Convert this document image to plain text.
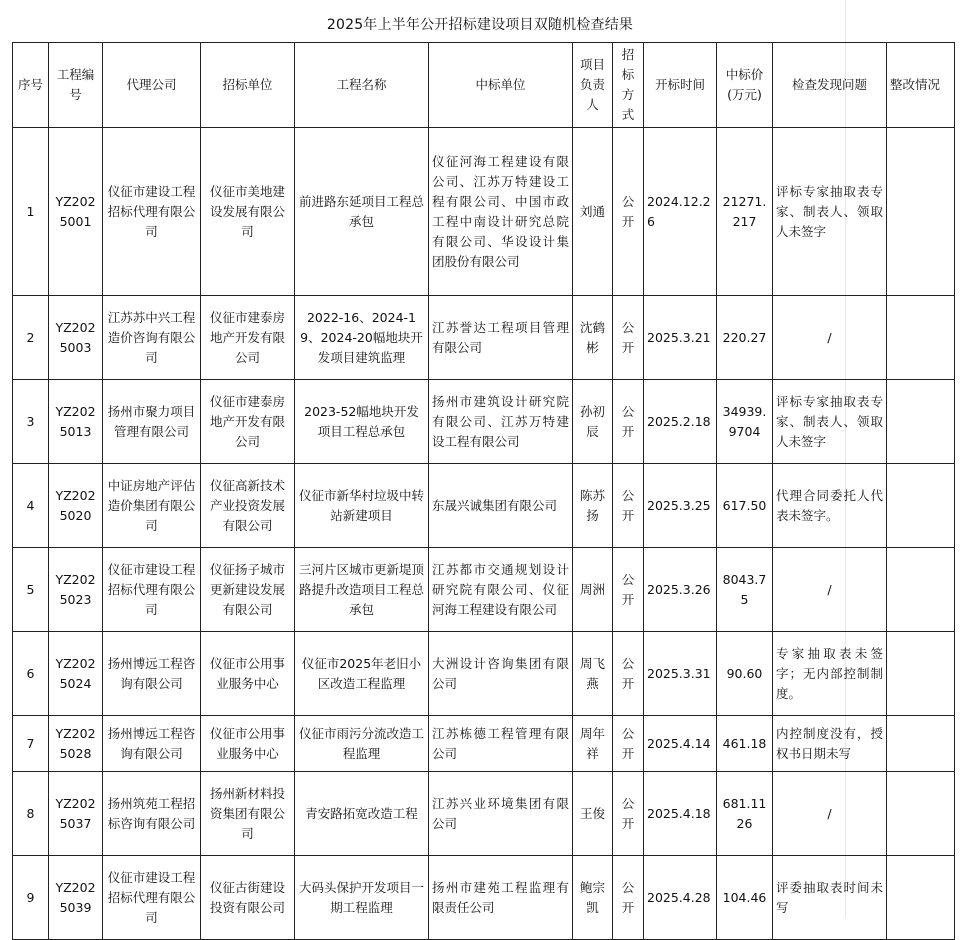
2025年上半年公开招标建设项目双随机检查结果
序号	工程编号	代理公司	招标单位	工程名称	中标单位	项目负责人	招标方式	开标时间	中标价(万元)	检查发现问题	整改情况
1	YZ2025001	仪征市建设工程招标代理有限公司	仪征市美地建设发展有限公司	前进路东延项目工程总承包	仪征河海工程建设有限公司、江苏万特建设工程有限公司、中国市政工程中南设计研究总院有限公司、华设设计集团股份有限公司	刘通	公开	2024.12.26	21271.217	评标专家抽取表专家、制表人、领取人未签字	
2	YZ2025003	江苏苏中兴工程造价咨询有限公司	仪征市建泰房地产开发有限公司	2022-16、2024-19、2024-20幅地块开发项目建筑监理	江苏誉达工程项目管理有限公司	沈鹤彬	公开	2025.3.21	220.27	/	
3	YZ2025013	扬州市聚力项目管理有限公司	仪征市建泰房地产开发有限公司	2023-52幅地块开发项目工程总承包	扬州市建筑设计研究院有限公司、江苏万特建设工程有限公司	孙初辰	公开	2025.2.18	34939.9704	评标专家抽取表专家、制表人、领取人未签字	
4	YZ2025020	中证房地产评估造价集团有限公司	仪征高新技术产业投资发展有限公司	仪征市新华村垃圾中转站新建项目	东晟兴诚集团有限公司	陈苏扬	公开	2025.3.25	617.50	代理合同委托人代表未签字。	
5	YZ2025023	仪征市建设工程招标代理有限公司	仪征扬子城市更新建设发展有限公司	三河片区城市更新堤顶路提升改造项目工程总承包	江苏都市交通规划设计研究院有限公司、仪征河海工程建设有限公司	周洲	公开	2025.3.26	8043.75	/	
6	YZ2025024	扬州博远工程咨询有限公司	仪征市公用事业服务中心	仪征市2025年老旧小区改造工程监理	大洲设计咨询集团有限公司	周飞燕	公开	2025.3.31	90.60	专家抽取表未签字；无内部控制制度。	
7	YZ2025028	扬州博远工程咨询有限公司	仪征市公用事业服务中心	仪征市雨污分流改造工程监理	江苏栋德工程管理有限公司	周年祥	公开	2025.4.14	461.18	内控制度没有，授权书日期未写	
8	YZ2025037	扬州筑苑工程招标咨询有限公司	扬州新材料投资集团有限公司	青安路拓宽改造工程	江苏兴业环境集团有限公司	王俊	公开	2025.4.18	681.1126	/	
9	YZ2025039	仪征市建设工程招标代理有限公司	仪征古街建设投资有限公司	大码头保护开发项目一期工程监理	扬州市建苑工程监理有限责任公司	鲍宗凯	公开	2025.4.28	104.46	评委抽取表时间未写	
